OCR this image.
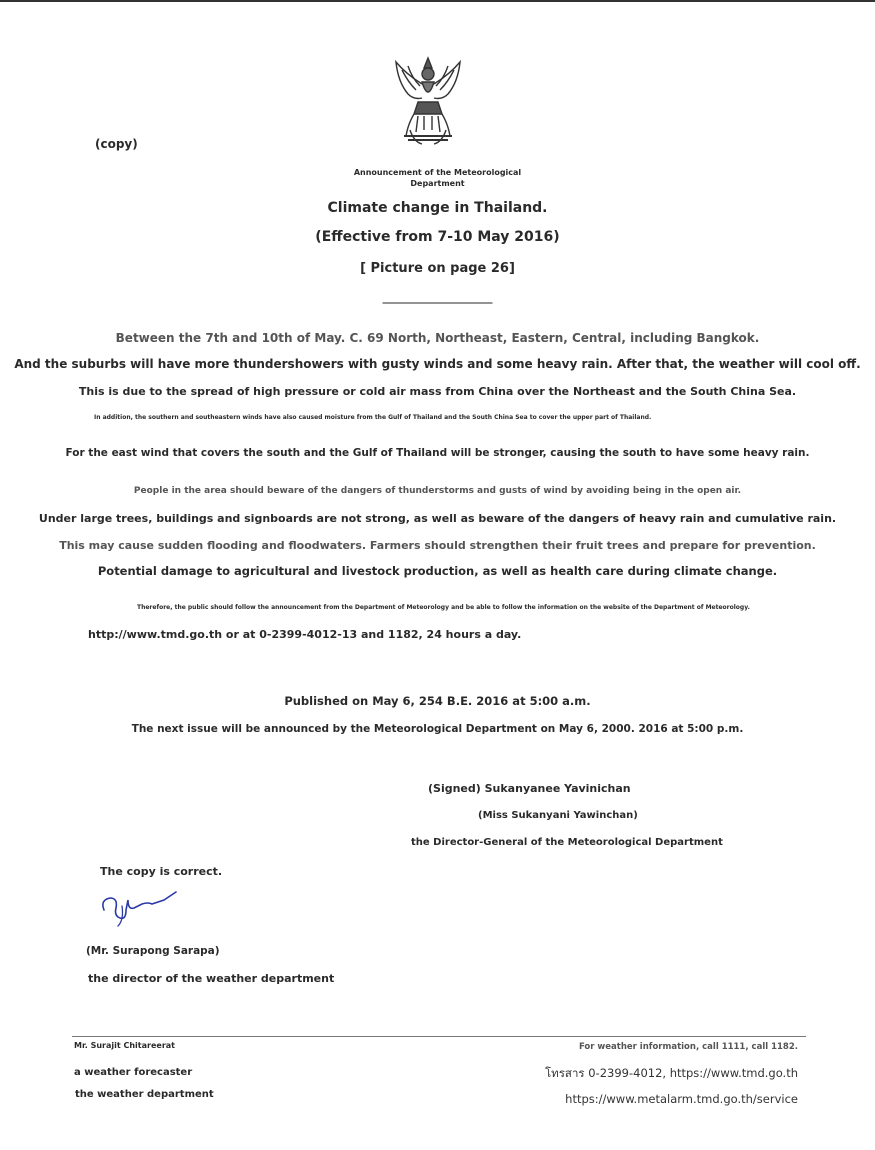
(copy)
Announcement of the Meteorological
Department
Climate change in Thailand.
(Effective from 7-10 May 2016)
[ Picture on page 26]
____________________
Between the 7th and 10th of May. C. 69 North, Northeast, Eastern, Central, including Bangkok.
And the suburbs will have more thundershowers with gusty winds and some heavy rain. After that, the weather will cool off.
This is due to the spread of high pressure or cold air mass from China over the Northeast and the South China Sea.
In addition, the southern and southeastern winds have also caused moisture from the Gulf of Thailand and the South China Sea to cover the upper part of Thailand.
For the east wind that covers the south and the Gulf of Thailand will be stronger, causing the south to have some heavy rain.
People in the area should beware of the dangers of thunderstorms and gusts of wind by avoiding being in the open air.
Under large trees, buildings and signboards are not strong, as well as beware of the dangers of heavy rain and cumulative rain.
This may cause sudden flooding and floodwaters. Farmers should strengthen their fruit trees and prepare for prevention.
Potential damage to agricultural and livestock production, as well as health care during climate change.
Therefore, the public should follow the announcement from the Department of Meteorology and be able to follow the information on the website of the Department of Meteorology.
http://www.tmd.go.th or at 0-2399-4012-13 and 1182, 24 hours a day.
Published on May 6, 254 B.E. 2016 at 5:00 a.m.
The next issue will be announced by the Meteorological Department on May 6, 2000. 2016 at 5:00 p.m.
(Signed) Sukanyanee Yavinichan
(Miss Sukanyani Yawinchan)
the Director-General of the Meteorological Department
The copy is correct.
(Mr. Surapong Sarapa)
the director of the weather department
Mr. Surajit Chitareerat
a weather forecaster
the weather department
For weather information, call 1111, call 1182.
โทรสาร 0-2399-4012, https://www.tmd.go.th
https://www.metalarm.tmd.go.th/service
